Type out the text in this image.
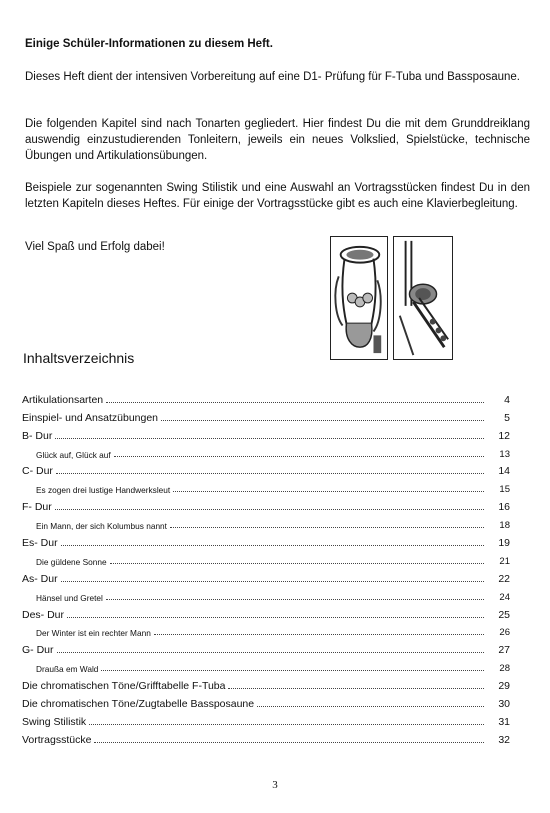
Einige Schüler-Informationen zu diesem Heft.
Dieses Heft dient der intensiven Vorbereitung auf eine D1- Prüfung für F-Tuba und Bassposaune.
Die folgenden Kapitel sind nach Tonarten gegliedert. Hier findest Du die mit dem Grunddreiklang auswendig einzustudierenden Tonleitern, jeweils ein neues Volkslied, Spielstücke, technische Übungen und Artikulationsübungen.
Beispiele zur sogenannten Swing Stilistik und eine Auswahl an Vortragsstücken findest Du in den letzten Kapiteln dieses Heftes. Für einige der Vortragsstücke gibt es auch eine Klavierbegleitung.
Viel Spaß und Erfolg dabei!
Inhaltsverzeichnis
Artikulationsarten	4
Einspiel- und Ansatzübungen	5
B- Dur	12
Glück auf, Glück auf	13
C- Dur	14
Es zogen drei lustige Handwerksleut	15
F- Dur	16
Ein Mann, der sich Kolumbus nannt	18
Es- Dur	19
Die güldene Sonne	21
As- Dur	22
Hänsel und Gretel	24
Des- Dur	25
Der Winter ist ein rechter Mann	26
G- Dur	27
Draußa em Wald	28
Die chromatischen Töne/Grifftabelle F-Tuba	29
Die chromatischen Töne/Zugtabelle Bassposaune	30
Swing Stilistik	31
Vortragsstücke	32
3
